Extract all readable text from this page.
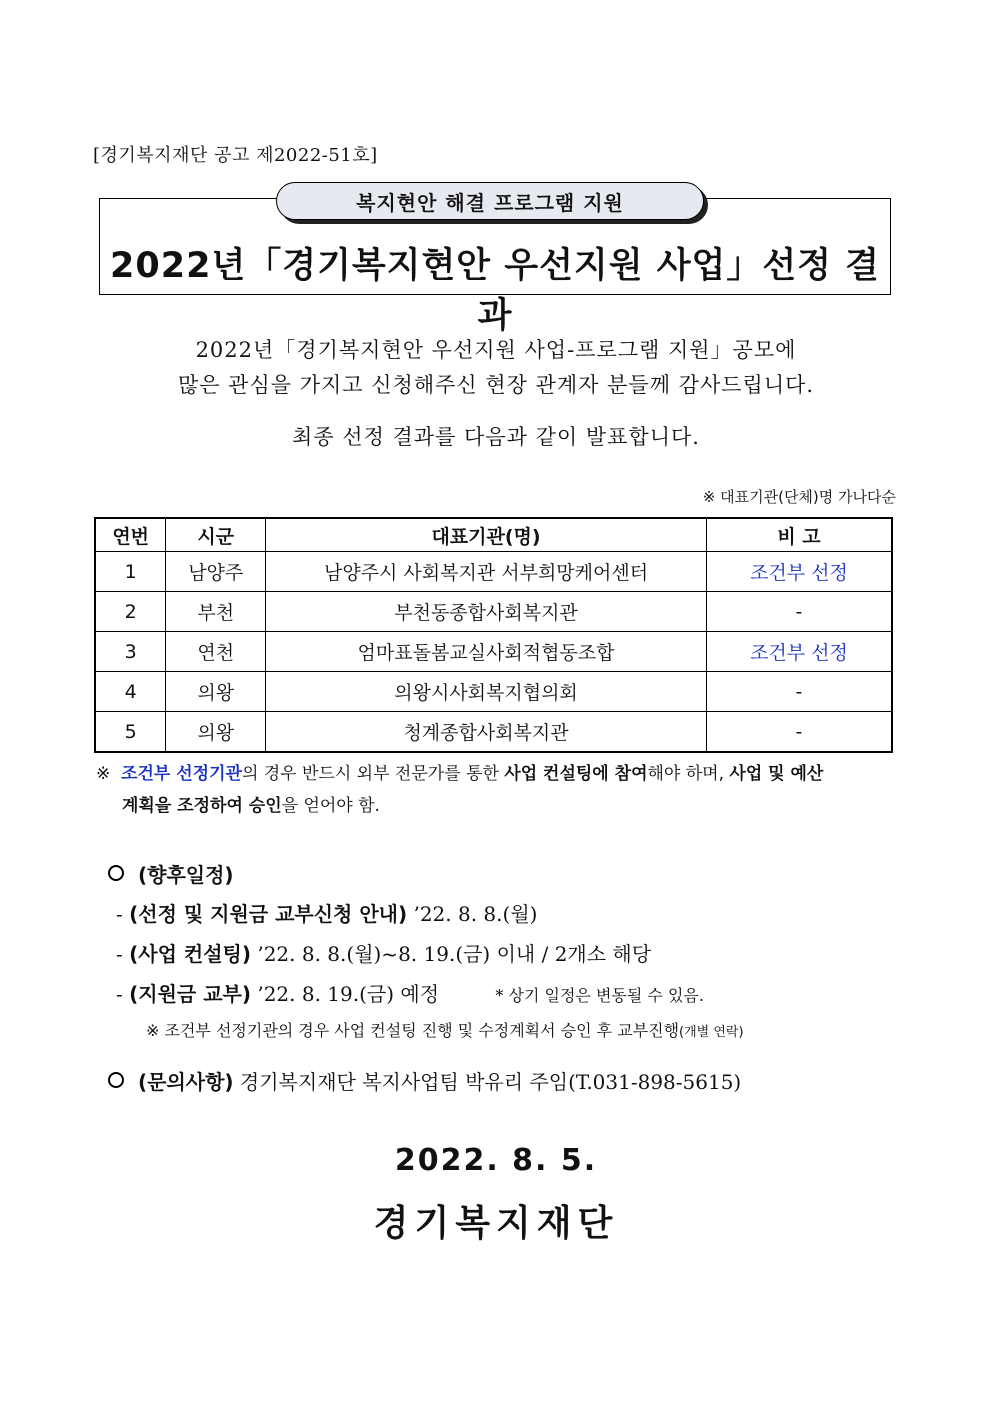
[경기복지재단 공고 제2022-51호]
복지현안 해결 프로그램 지원
2022년「경기복지현안 우선지원 사업」선정 결과
2022년「경기복지현안 우선지원 사업-프로그램 지원」공모에
많은 관심을 가지고 신청해주신 현장 관계자 분들께 감사드립니다.
최종 선정 결과를 다음과 같이 발표합니다.
※ 대표기관(단체)명 가나다순
연번	시군	대표기관(명)	비 고
1	남양주	남양주시 사회복지관 서부희망케어센터	조건부 선정
2	부천	부천동종합사회복지관	-
3	연천	엄마표돌봄교실사회적협동조합	조건부 선정
4	의왕	의왕시사회복지협의회	-
5	의왕	청계종합사회복지관	-
※ 조건부 선정기관의 경우 반드시 외부 전문가를 통한 사업 컨설팅에 참여해야 하며, 사업 및 예산
계획을 조정하여 승인을 얻어야 함.
(향후일정)
- (선정 및 지원금 교부신청 안내) ’22. 8. 8.(월)
- (사업 컨설팅) ’22. 8. 8.(월)~8. 19.(금) 이내 / 2개소 해당
- (지원금 교부) ’22. 8. 19.(금) 예정	* 상기 일정은 변동될 수 있음.
※ 조건부 선정기관의 경우 사업 컨설팅 진행 및 수정계획서 승인 후 교부진행(개별 연락)
(문의사항) 경기복지재단 복지사업팀 박유리 주임(T.031-898-5615)
2022. 8. 5.
경기복지재단
